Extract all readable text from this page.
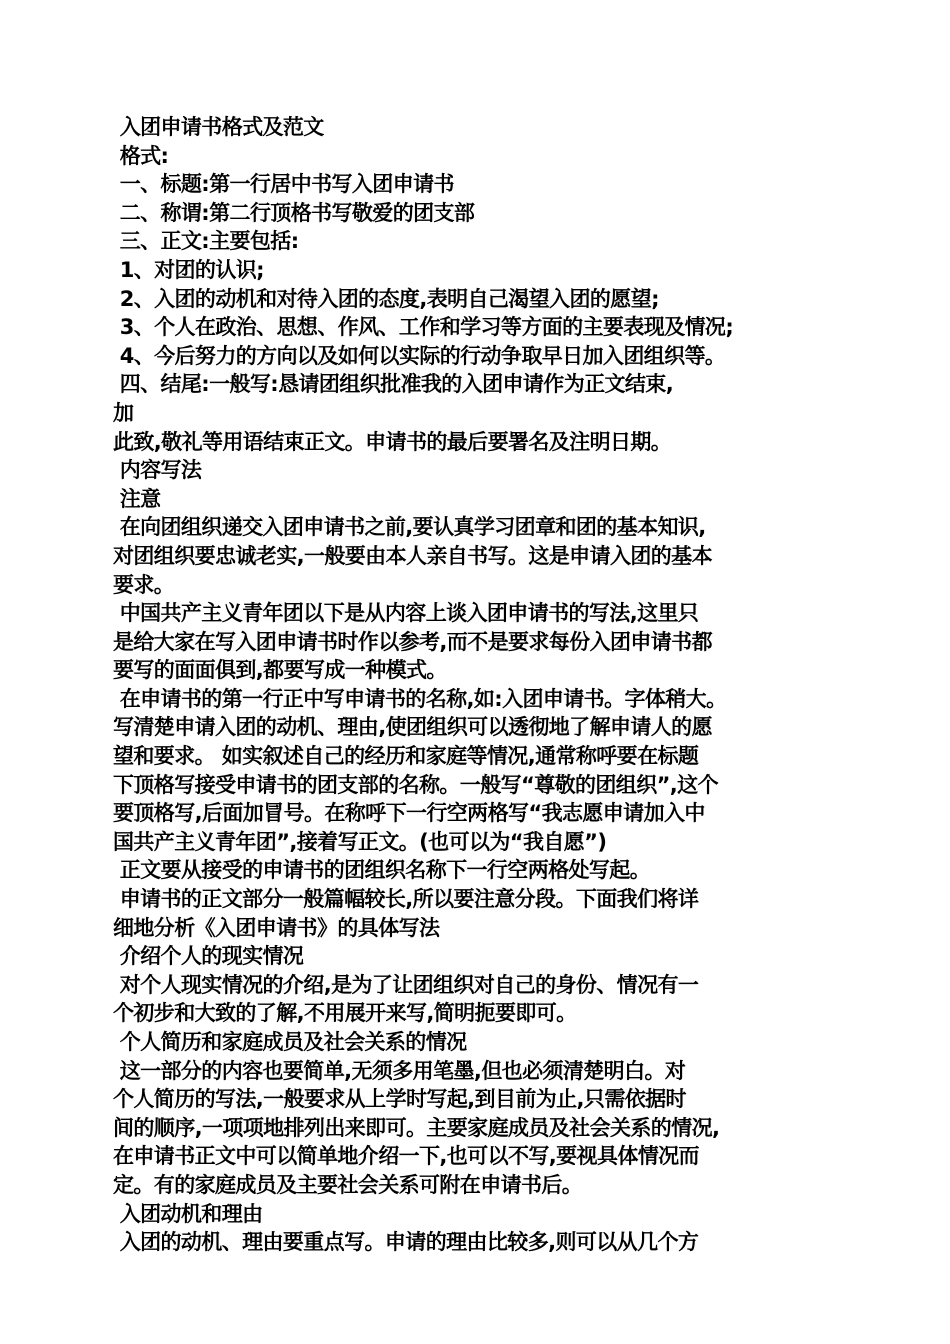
入团申请书格式及范文
格式:
一、标题:第一行居中书写入团申请书
二、称谓:第二行顶格书写敬爱的团支部
三、正文:主要包括:
1、对团的认识;
2、入团的动机和对待入团的态度,表明自己渴望入团的愿望;
3、个人在政治、思想、作风、工作和学习等方面的主要表现及情况;
4、今后努力的方向以及如何以实际的行动争取早日加入团组织等。
四、结尾:一般写:恳请团组织批准我的入团申请作为正文结束,
加
此致,敬礼等用语结束正文。申请书的最后要署名及注明日期。
内容写法
注意
在向团组织递交入团申请书之前,要认真学习团章和团的基本知识,
对团组织要忠诚老实,一般要由本人亲自书写。这是申请入团的基本
要求。
中国共产主义青年团以下是从内容上谈入团申请书的写法,这里只
是给大家在写入团申请书时作以参考,而不是要求每份入团申请书都
要写的面面俱到,都要写成一种模式。
在申请书的第一行正中写申请书的名称,如:入团申请书。字体稍大。
写清楚申请入团的动机、理由,使团组织可以透彻地了解申请人的愿
望和要求。 如实叙述自己的经历和家庭等情况,通常称呼要在标题
下顶格写接受申请书的团支部的名称。一般写“尊敬的团组织”,这个
要顶格写,后面加冒号。在称呼下一行空两格写“我志愿申请加入中
国共产主义青年团”,接着写正文。(也可以为“我自愿”)
正文要从接受的申请书的团组织名称下一行空两格处写起。
申请书的正文部分一般篇幅较长,所以要注意分段。下面我们将详
细地分析《入团申请书》的具体写法
介绍个人的现实情况
对个人现实情况的介绍,是为了让团组织对自己的身份、情况有一
个初步和大致的了解,不用展开来写,简明扼要即可。
个人简历和家庭成员及社会关系的情况
这一部分的内容也要简单,无须多用笔墨,但也必须清楚明白。对
个人简历的写法,一般要求从上学时写起,到目前为止,只需依据时
间的顺序,一项项地排列出来即可。主要家庭成员及社会关系的情况,
在申请书正文中可以简单地介绍一下,也可以不写,要视具体情况而
定。有的家庭成员及主要社会关系可附在申请书后。
入团动机和理由
入团的动机、理由要重点写。申请的理由比较多,则可以从几个方
